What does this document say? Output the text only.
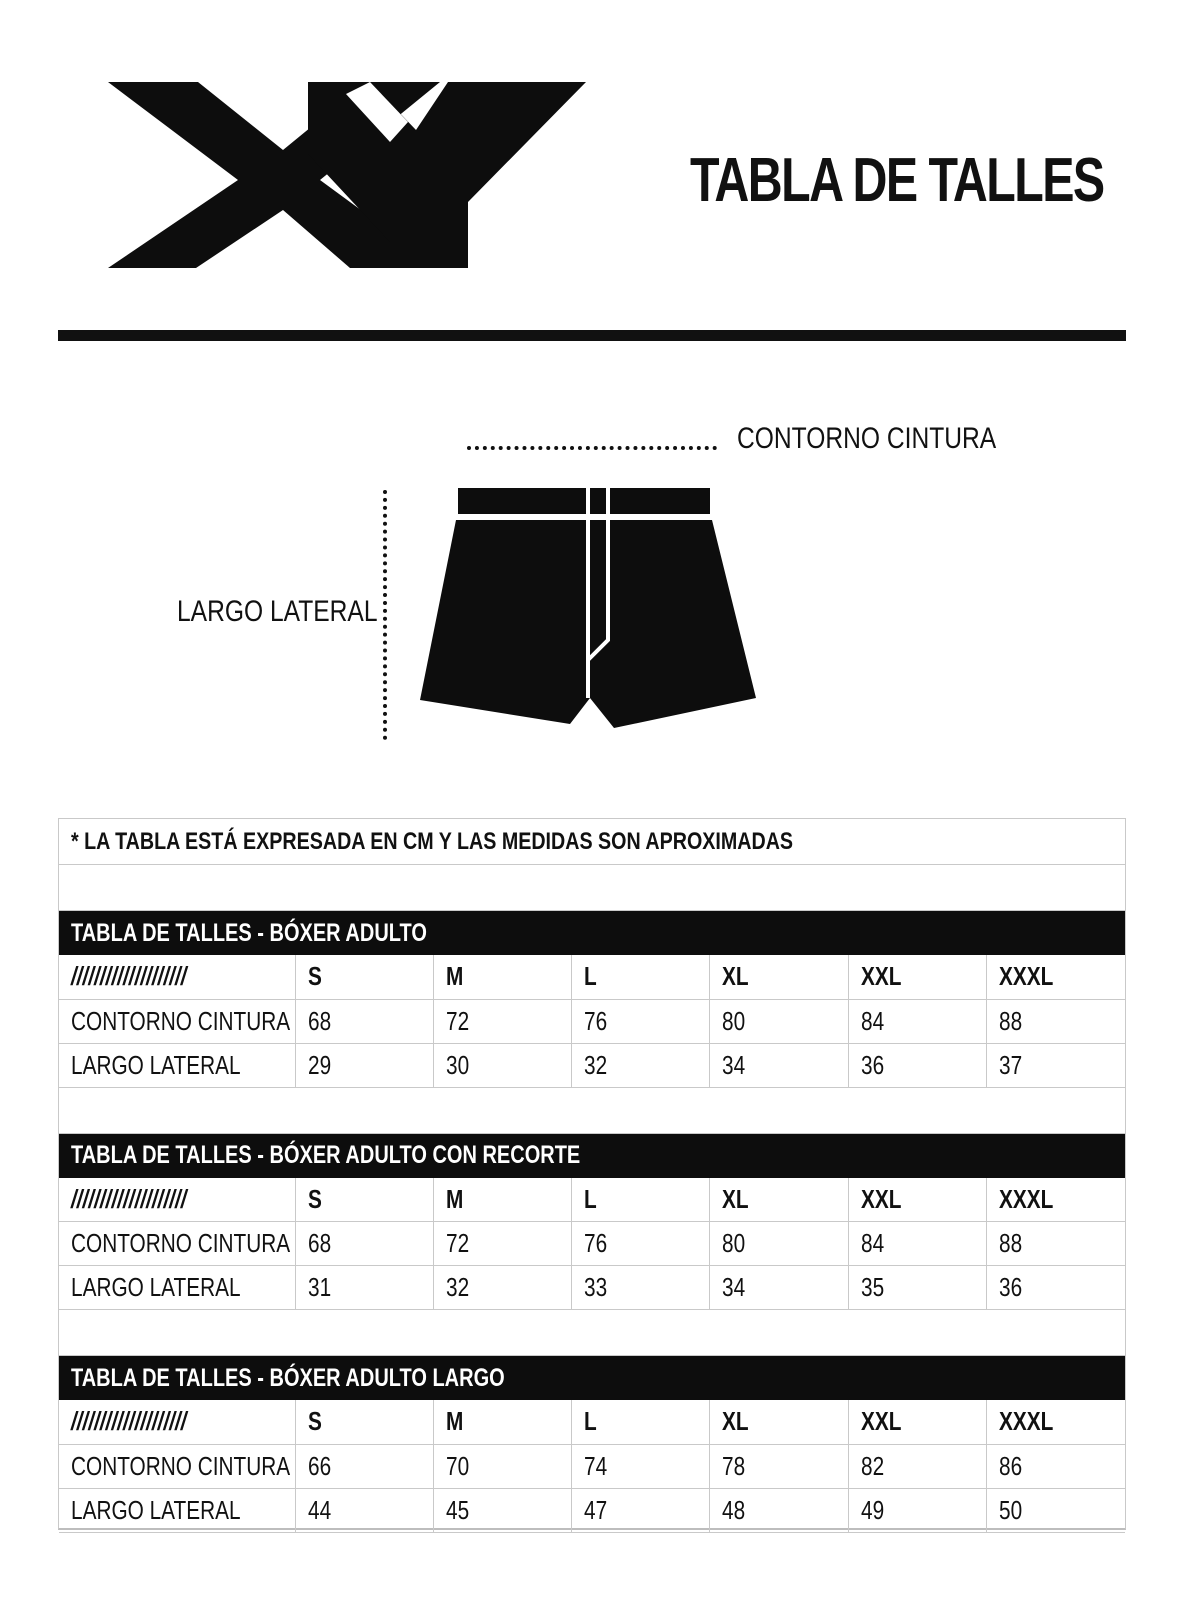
TABLA DE TALLES
CONTORNO CINTURA
LARGO LATERAL
* LA TABLA ESTÁ EXPRESADA EN CM Y LAS MEDIDAS SON APROXIMADAS
TABLA DE TALLES - BÓXER ADULTO
////////////////////	S	M	L	XL	XXL	XXXL
CONTORNO CINTURA	68	72	76	80	84	88
LARGO LATERAL	29	30	32	34	36	37
TABLA DE TALLES - BÓXER ADULTO CON RECORTE
////////////////////	S	M	L	XL	XXL	XXXL
CONTORNO CINTURA	68	72	76	80	84	88
LARGO LATERAL	31	32	33	34	35	36
TABLA DE TALLES - BÓXER ADULTO LARGO
////////////////////	S	M	L	XL	XXL	XXXL
CONTORNO CINTURA	66	70	74	78	82	86
LARGO LATERAL	44	45	47	48	49	50
